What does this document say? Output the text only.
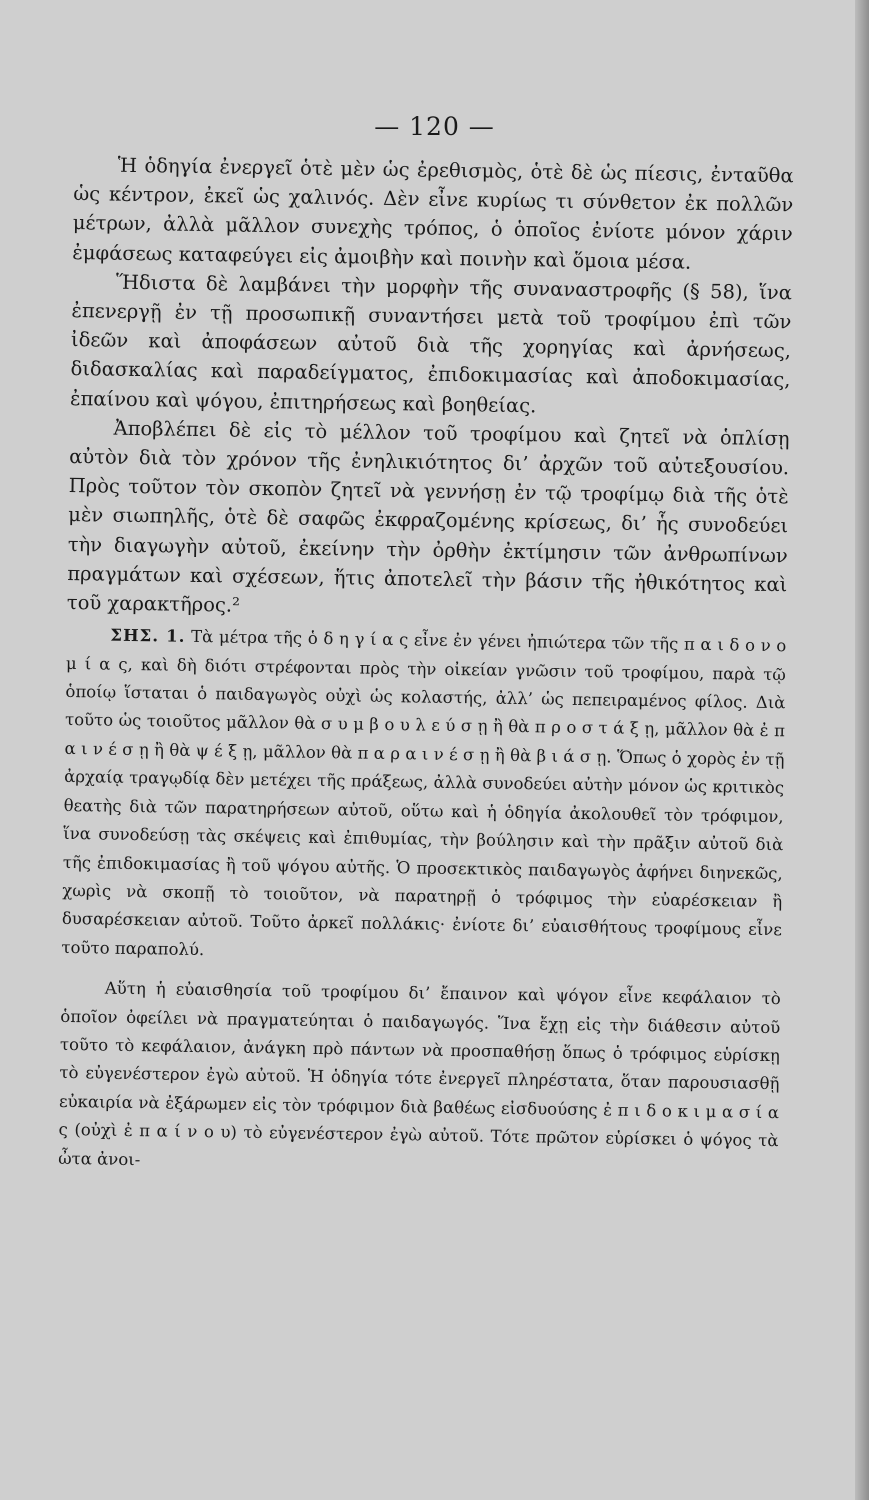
— 120 —

Ἡ ὁδηγία ἐνεργεῖ ὁτὲ μὲν ὡς ἐρεθισμὸς, ὁτὲ δὲ ὡς πίεσις, ἐνταῦθα ὡς κέντρον, ἐκεῖ ὡς χαλινός. Δὲν εἶνε κυρίως τι σύνθετον ἐκ πολλῶν μέτρων, ἀλλὰ μᾶλλον συνεχὴς τρόπος, ὁ ὁποῖος ἐνίοτε μόνον χάριν ἐμφάσεως καταφεύγει εἰς ἀμοιβὴν καὶ ποινὴν καὶ ὅμοια μέσα.

Ἥδιστα δὲ λαμβάνει τὴν μορφὴν τῆς συναναστροφῆς (§ 58), ἵνα ἐπενεργῇ ἐν τῇ προσωπικῇ συναντήσει μετὰ τοῦ τροφίμου ἐπὶ τῶν ἰδεῶν καὶ ἀποφάσεων αὐτοῦ διὰ τῆς χορηγίας καὶ ἀρνήσεως, διδασκαλίας καὶ παραδείγματος, ἐπιδοκιμασίας καὶ ἀποδοκιμασίας, ἐπαίνου καὶ ψόγου, ἐπιτηρήσεως καὶ βοηθείας.

Ἀποβλέπει δὲ εἰς τὸ μέλλον τοῦ τροφίμου καὶ ζητεῖ νὰ ὁπλίσῃ αὐτὸν διὰ τὸν χρόνον τῆς ἐνηλικιότητος δι’ ἀρχῶν τοῦ αὐτεξουσίου. Πρὸς τοῦτον τὸν σκοπὸν ζητεῖ νὰ γεννήσῃ ἐν τῷ τροφίμῳ διὰ τῆς ὁτὲ μὲν σιωπηλῆς, ὁτὲ δὲ σαφῶς ἐκφραζομένης κρίσεως, δι’ ἧς συνοδεύει τὴν διαγωγὴν αὐτοῦ, ἐκείνην τὴν ὀρθὴν ἐκτίμησιν τῶν ἀνθρωπίνων πραγμάτων καὶ σχέσεων, ἥτις ἀποτελεῖ τὴν βάσιν τῆς ἠθικότητος καὶ τοῦ χαρακτῆρος.²

ΣΗΣ. 1. Τὰ μέτρα τῆς ὁ δ η γ ί α ς εἶνε ἐν γένει ἠπιώτερα τῶν τῆς π α ι δ ο ν ο μ ί α ς, καὶ δὴ διότι στρέφονται πρὸς τὴν οἰκείαν γνῶσιν τοῦ τροφίμου, παρὰ τῷ ὁποίῳ ἵσταται ὁ παιδαγωγὸς οὐχὶ ὡς κολαστής, ἀλλ’ ὡς πεπειραμένος φίλος. Διὰ τοῦτο ὡς τοιοῦτος μᾶλλον θὰ σ υ μ β ο υ λ ε ύ σ ῃ ἢ θὰ π ρ ο σ τ ά ξ ῃ, μᾶλλον θὰ ἐ π α ι ν έ σ ῃ ἢ θὰ ψ έ ξ ῃ, μᾶλλον θὰ π α ρ α ι ν έ σ ῃ ἢ θὰ β ι ά σ ῃ. Ὅπως ὁ χορὸς ἐν τῇ ἀρχαίᾳ τραγῳδίᾳ δὲν μετέχει τῆς πράξεως, ἀλλὰ συνοδεύει αὐτὴν μόνον ὡς κριτικὸς θεατὴς διὰ τῶν παρατηρήσεων αὐτοῦ, οὕτω καὶ ἡ ὁδηγία ἀκολουθεῖ τὸν τρόφιμον, ἵνα συνοδεύσῃ τὰς σκέψεις καὶ ἐπιθυμίας, τὴν βούλησιν καὶ τὴν πρᾶξιν αὐτοῦ διὰ τῆς ἐπιδοκιμασίας ἢ τοῦ ψόγου αὐτῆς. Ὁ προσεκτικὸς παιδαγωγὸς ἀφήνει διηνεκῶς, χωρὶς νὰ σκοπῇ τὸ τοιοῦτον, νὰ παρατηρῇ ὁ τρόφιμος τὴν εὐαρέσκειαν ἢ δυσαρέσκειαν αὐτοῦ. Τοῦτο ἀρκεῖ πολλάκις· ἐνίοτε δι’ εὐαισθήτους τροφίμους εἶνε τοῦτο παραπολύ.

Αὕτη ἡ εὐαισθησία τοῦ τροφίμου δι’ ἔπαινον καὶ ψόγον εἶνε κεφάλαιον τὸ ὁποῖον ὀφείλει νὰ πραγματεύηται ὁ παιδαγωγός. Ἵνα ἔχῃ εἰς τὴν διάθεσιν αὐτοῦ τοῦτο τὸ κεφάλαιον, ἀνάγκη πρὸ πάντων νὰ προσπαθήσῃ ὅπως ὁ τρόφιμος εὑρίσκῃ τὸ εὐγενέστερον ἐγὼ αὐτοῦ. Ἡ ὁδηγία τότε ἐνεργεῖ πληρέστατα, ὅταν παρουσιασθῇ εὐκαιρία νὰ ἐξάρωμεν εἰς τὸν τρόφιμον διὰ βαθέως εἰσδυούσης ἐ π ι δ ο κ ι μ α σ ί α ς (οὐχὶ ἐ π α ί ν ο υ) τὸ εὐγενέστερον ἐγὼ αὐτοῦ. Τότε πρῶτον εὑρίσκει ὁ ψόγος τὰ ὦτα ἀνοι-
